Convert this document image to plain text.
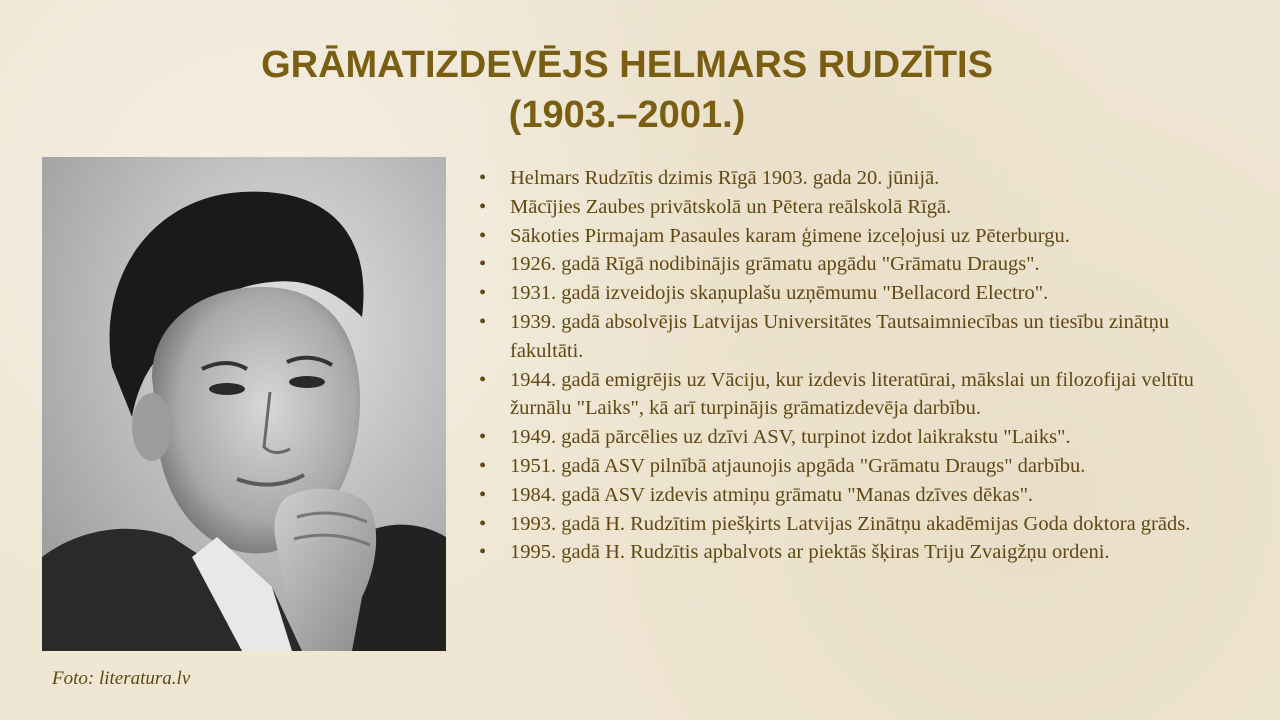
GRĀMATIZDEVĒJS HELMARS RUDZĪTIS
(1903.–2001.)
Foto: literatura.lv
• Helmars Rudzītis dzimis Rīgā 1903. gada 20. jūnijā.
• Mācījies Zaubes privātskolā un Pētera reālskolā Rīgā.
• Sākoties Pirmajam Pasaules karam ģimene izceļojusi uz Pēterburgu.
• 1926. gadā Rīgā nodibinājis grāmatu apgādu "Grāmatu Draugs".
• 1931. gadā izveidojis skaņuplašu uzņēmumu "Bellacord Electro".
• 1939. gadā absolvējis Latvijas Universitātes Tautsaimniecības un tiesību zinātņu fakultāti.
• 1944. gadā emigrējis uz Vāciju, kur izdevis literatūrai, mākslai un filozofijai veltītu žurnālu "Laiks", kā arī turpinājis grāmatizdevēja darbību.
• 1949. gadā pārcēlies uz dzīvi ASV, turpinot izdot laikrakstu "Laiks".
• 1951. gadā ASV pilnībā atjaunojis apgāda "Grāmatu Draugs" darbību.
• 1984. gadā ASV izdevis atmiņu grāmatu "Manas dzīves dēkas".
• 1993. gadā H. Rudzītim piešķirts Latvijas Zinātņu akadēmijas Goda doktora grāds.
• 1995. gadā H. Rudzītis apbalvots ar piektās šķiras Triju Zvaigžņu ordeni.
